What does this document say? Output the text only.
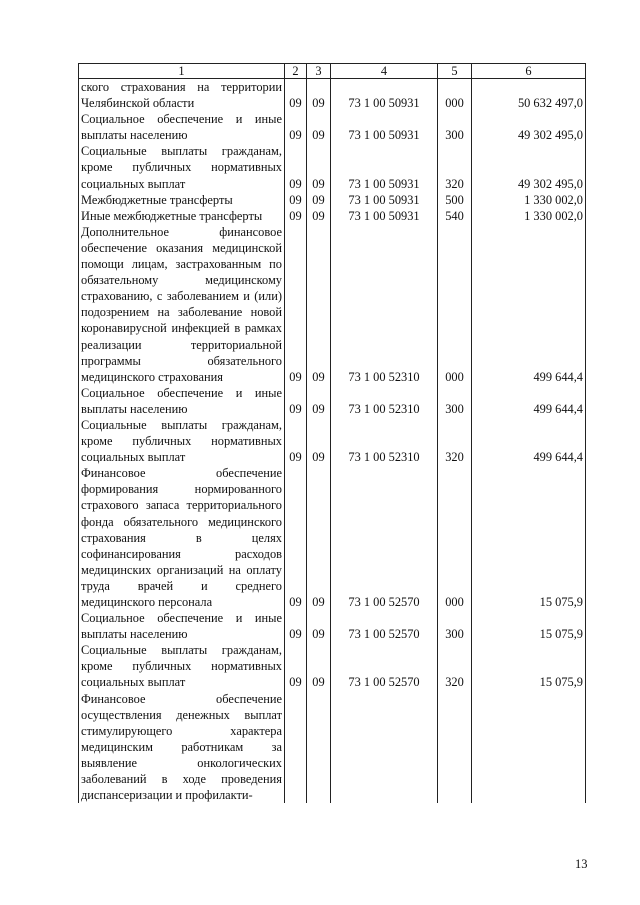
1	2	3	4	5	6
ского страхования на территории Челябинской области	09	09	73 1 00 50931	000	50 632 497,0
Социальное обеспечение и иные выплаты населению	09	09	73 1 00 50931	300	49 302 495,0
Социальные выплаты гражданам, кроме публичных нормативных социальных выплат	09	09	73 1 00 50931	320	49 302 495,0
Межбюджетные трансферты	09	09	73 1 00 50931	500	1 330 002,0
Иные межбюджетные трансферты	09	09	73 1 00 50931	540	1 330 002,0
Дополнительное финансовое обеспечение оказания медицинской помощи лицам, застрахованным по обязательному медицинскому страхованию, с заболеванием и (или) подозрением на заболевание новой коронавирусной инфекцией в рамках реализации территориальной программы обязательного медицинского страхования	09	09	73 1 00 52310	000	499 644,4
Социальное обеспечение и иные выплаты населению	09	09	73 1 00 52310	300	499 644,4
Социальные выплаты гражданам, кроме публичных нормативных социальных выплат	09	09	73 1 00 52310	320	499 644,4
Финансовое обеспечение формирования нормированного страхового запаса территориального фонда обязательного медицинского страхования в целях софинансирования расходов медицинских организаций на оплату труда врачей и среднего медицинского персонала	09	09	73 1 00 52570	000	15 075,9
Социальное обеспечение и иные выплаты населению	09	09	73 1 00 52570	300	15 075,9
Социальные выплаты гражданам, кроме публичных нормативных социальных выплат	09	09	73 1 00 52570	320	15 075,9
Финансовое обеспечение осуществления денежных выплат стимулирующего характера медицинским работникам за выявление онкологических заболеваний в ходе проведения диспансеризации и профилакти-					
13
